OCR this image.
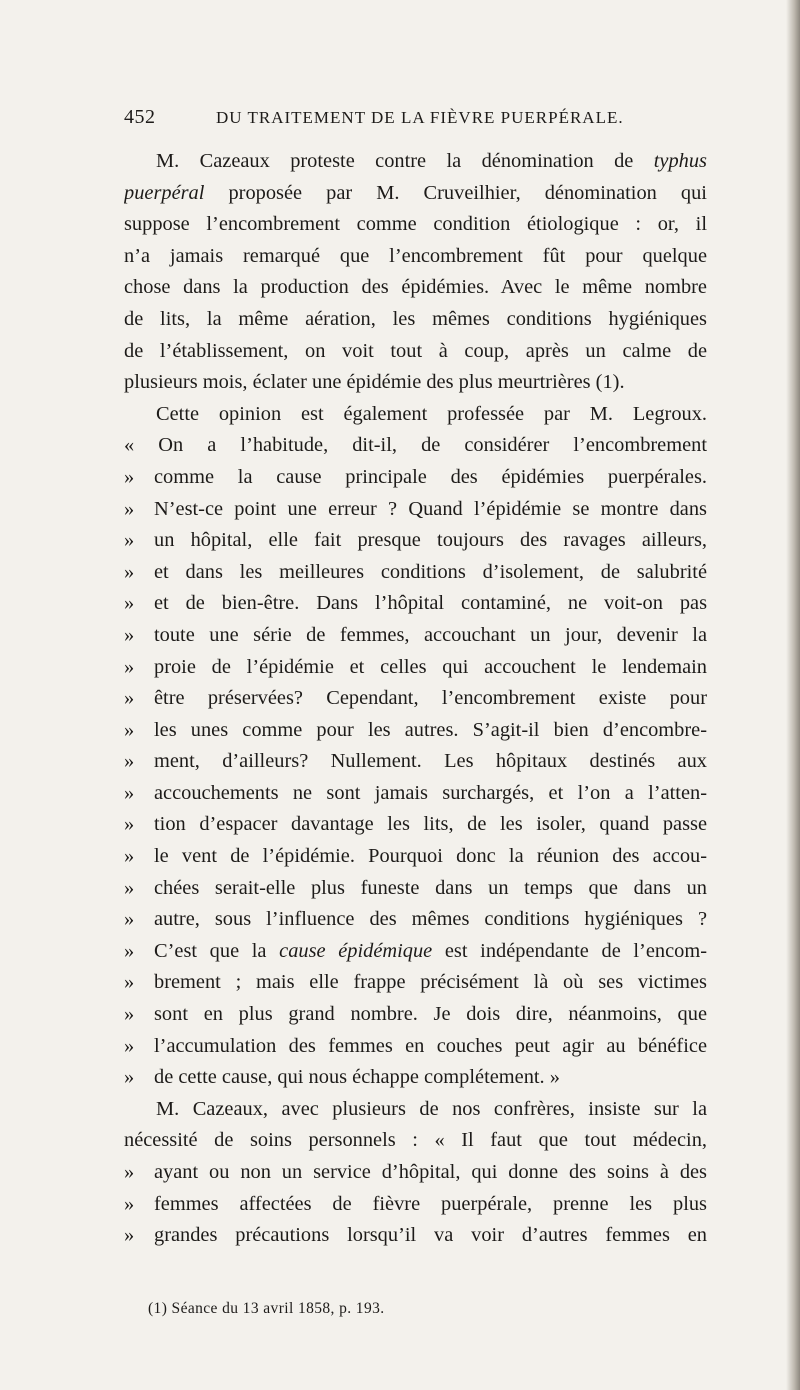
452	DU TRAITEMENT DE LA FIÈVRE PUERPÉRALE.
M. Cazeaux proteste contre la dénomination de typhus
puerpéral proposée par M. Cruveilhier, dénomination qui
suppose l’encombrement comme condition étiologique : or, il
n’a jamais remarqué que l’encombrement fût pour quelque
chose dans la production des épidémies. Avec le même nombre
de lits, la même aération, les mêmes conditions hygiéniques
de l’établissement, on voit tout à coup, après un calme de
plusieurs mois, éclater une épidémie des plus meurtrières (1).
Cette opinion est également professée par M. Legroux.
« On a l’habitude, dit-il, de considérer l’encombrement
» comme la cause principale des épidémies puerpérales.
» N’est-ce point une erreur ? Quand l’épidémie se montre dans
» un hôpital, elle fait presque toujours des ravages ailleurs,
» et dans les meilleures conditions d’isolement, de salubrité
» et de bien-être. Dans l’hôpital contaminé, ne voit-on pas
» toute une série de femmes, accouchant un jour, devenir la
» proie de l’épidémie et celles qui accouchent le lendemain
» être préservées? Cependant, l’encombrement existe pour
» les unes comme pour les autres. S’agit-il bien d’encombre-
» ment, d’ailleurs? Nullement. Les hôpitaux destinés aux
» accouchements ne sont jamais surchargés, et l’on a l’atten-
» tion d’espacer davantage les lits, de les isoler, quand passe
» le vent de l’épidémie. Pourquoi donc la réunion des accou-
» chées serait-elle plus funeste dans un temps que dans un
» autre, sous l’influence des mêmes conditions hygiéniques ?
» C’est que la cause épidémique est indépendante de l’encom-
» brement ; mais elle frappe précisément là où ses victimes
» sont en plus grand nombre. Je dois dire, néanmoins, que
» l’accumulation des femmes en couches peut agir au bénéfice
» de cette cause, qui nous échappe complétement. »
M. Cazeaux, avec plusieurs de nos confrères, insiste sur la
nécessité de soins personnels : « Il faut que tout médecin,
» ayant ou non un service d’hôpital, qui donne des soins à des
» femmes affectées de fièvre puerpérale, prenne les plus
» grandes précautions lorsqu’il va voir d’autres femmes en
(1) Séance du 13 avril 1858, p. 193.
